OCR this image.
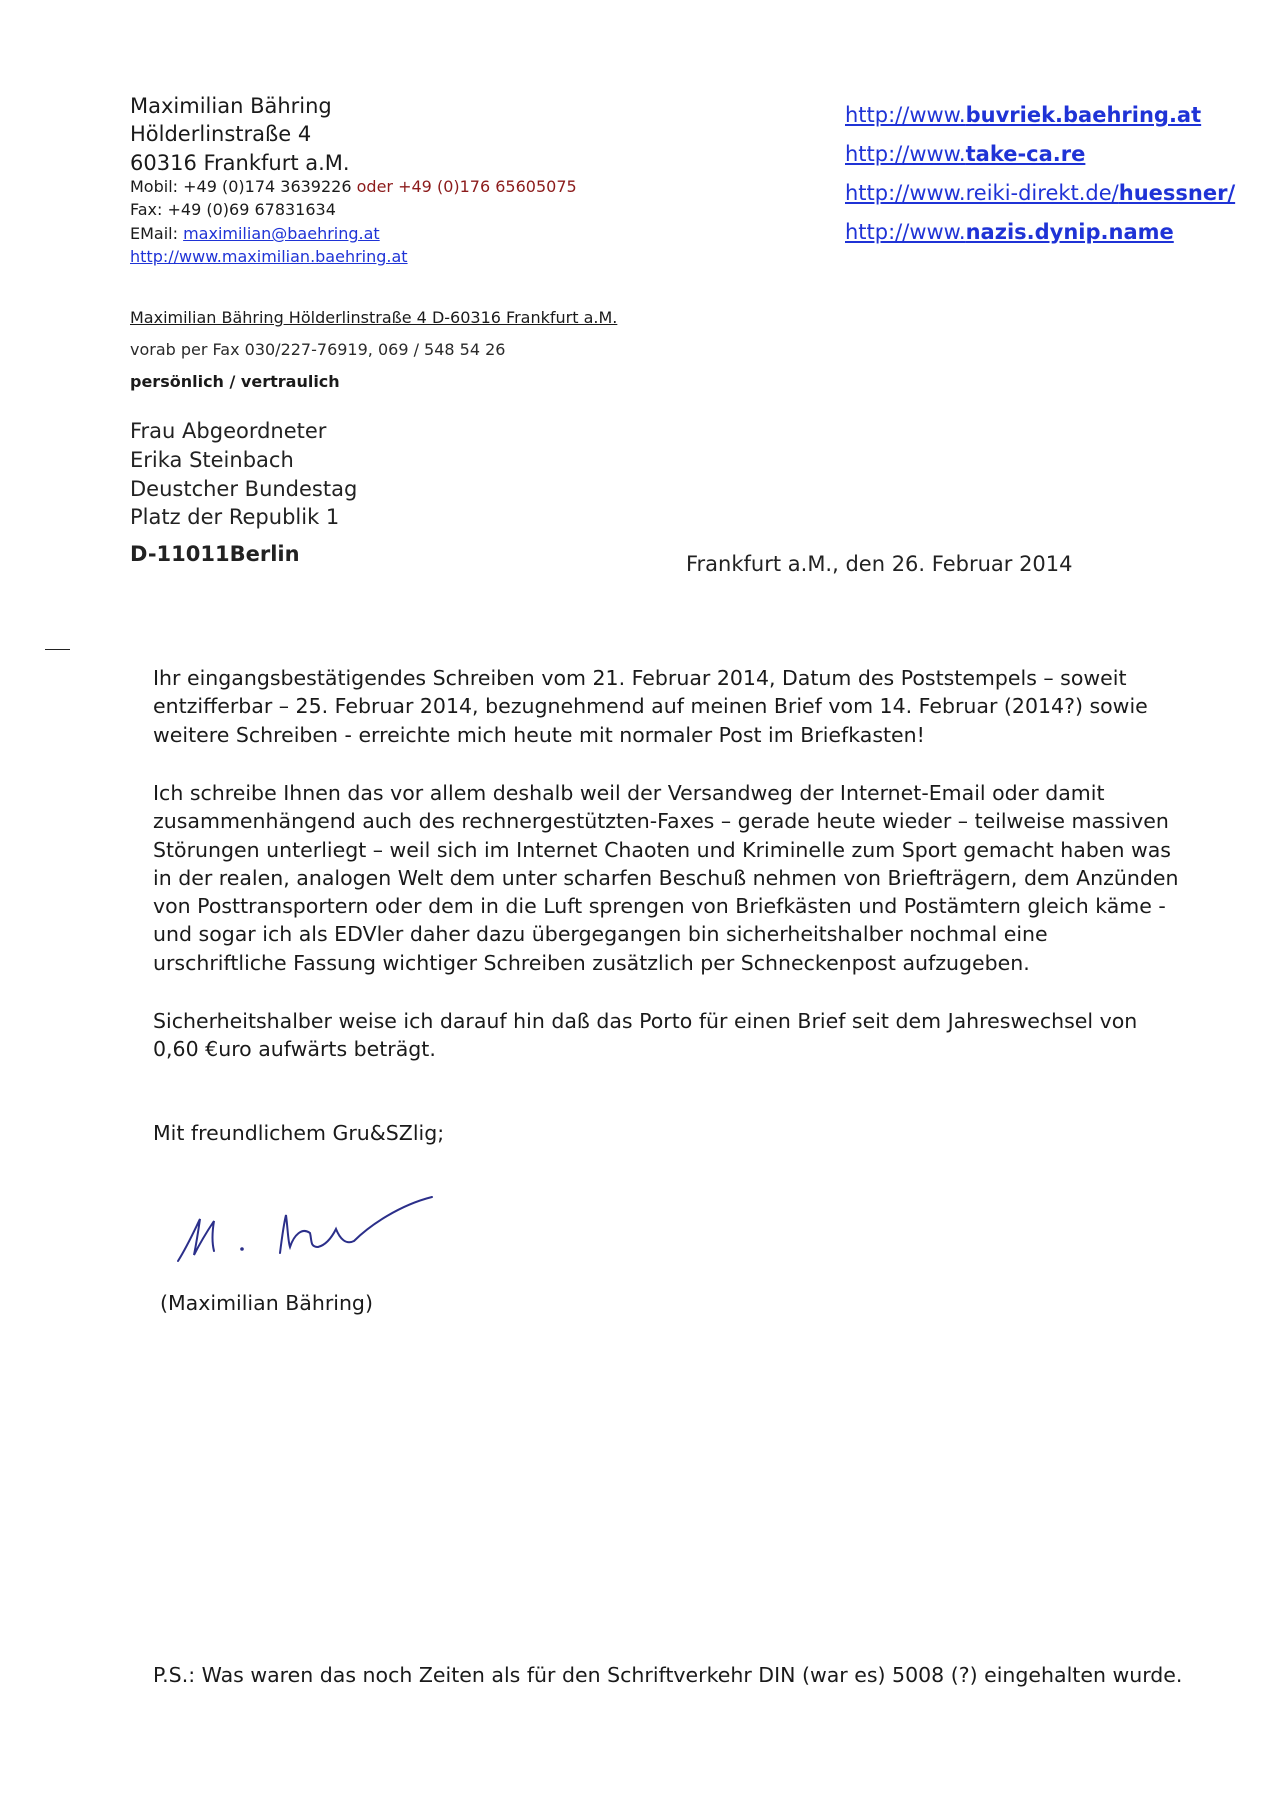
Maximilian Bähring
Hölderlinstraße 4
60316 Frankfurt a.M.
Mobil: +49 (0)174 3639226 oder +49 (0)176 65605075
Fax: +49 (0)69 67831634
EMail: maximilian@baehring.at
http://www.maximilian.baehring.at
http://www.buvriek.baehring.at
http://www.take-ca.re
http://www.reiki-direkt.de/huessner/
http://www.nazis.dynip.name
Maximilian Bähring Hölderlinstraße 4 D-60316 Frankfurt a.M.
vorab per Fax 030/227-76919, 069 / 548 54 26
persönlich / vertraulich
Frau Abgeordneter
Erika Steinbach
Deustcher Bundestag
Platz der Republik 1
D-11011Berlin	Frankfurt a.M., den 26. Februar 2014
Ihr eingangsbestätigendes Schreiben vom 21. Februar 2014, Datum des Poststempels – soweit entzifferbar – 25. Februar 2014, bezugnehmend auf meinen Brief vom 14. Februar (2014?) sowie weitere Schreiben - erreichte mich heute mit normaler Post im Briefkasten!
Ich schreibe Ihnen das vor allem deshalb weil der Versandweg der Internet-Email oder damit zusammenhängend auch des rechnergestützten-Faxes – gerade heute wieder – teilweise massiven Störungen unterliegt – weil sich im Internet Chaoten und Kriminelle zum Sport gemacht haben was in der realen, analogen Welt dem unter scharfen Beschuß nehmen von Briefträgern, dem Anzünden von Posttransportern oder dem in die Luft sprengen von Briefkästen und Postämtern gleich käme - und sogar ich als EDVler daher dazu übergegangen bin sicherheitshalber nochmal eine urschriftliche Fassung wichtiger Schreiben zusätzlich per Schneckenpost aufzugeben.
Sicherheitshalber weise ich darauf hin daß das Porto für einen Brief seit dem Jahreswechsel von 0,60 €uro aufwärts beträgt.
Mit freundlichem Gru&SZlig;
(Maximilian Bähring)
P.S.: Was waren das noch Zeiten als für den Schriftverkehr DIN (war es) 5008 (?) eingehalten wurde.
